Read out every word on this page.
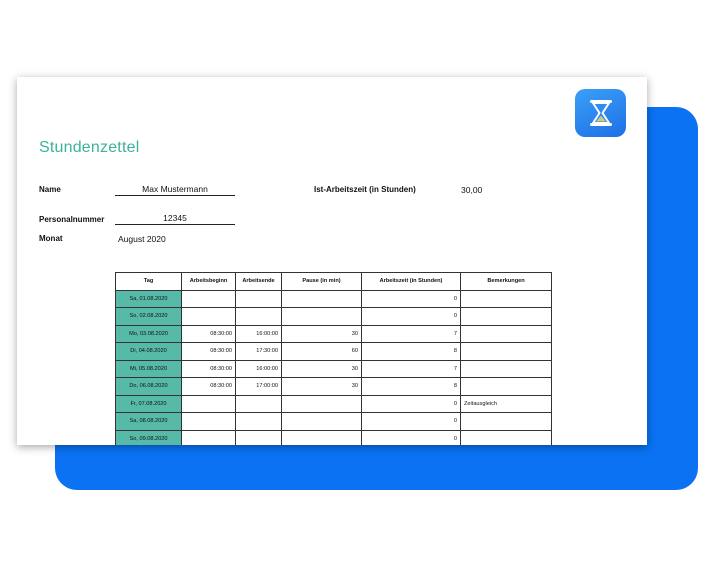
Stundenzettel
Name	Max Mustermann	Ist-Arbeitszeit (in Stunden)	30,00
Personalnummer	12345
Monat	August 2020
Tag	Arbeitsbeginn	Arbeitsende	Pause (in min)	Arbeitszeit (in Stunden)	Bemerkungen
Sa, 01.08.2020				0	
So, 02.08.2020				0	
Mo, 03.08.2020	08:30:00	16:00:00	30	7	
Di, 04.08.2020	08:30:00	17:30:00	60	8	
Mi, 05.08.2020	08:30:00	16:00:00	30	7	
Do, 06.08.2020	08:30:00	17:00:00	30	8	
Fr, 07.08.2020				0	Zeitausgleich
Sa, 08.08.2020				0	
So, 09.08.2020				0	
